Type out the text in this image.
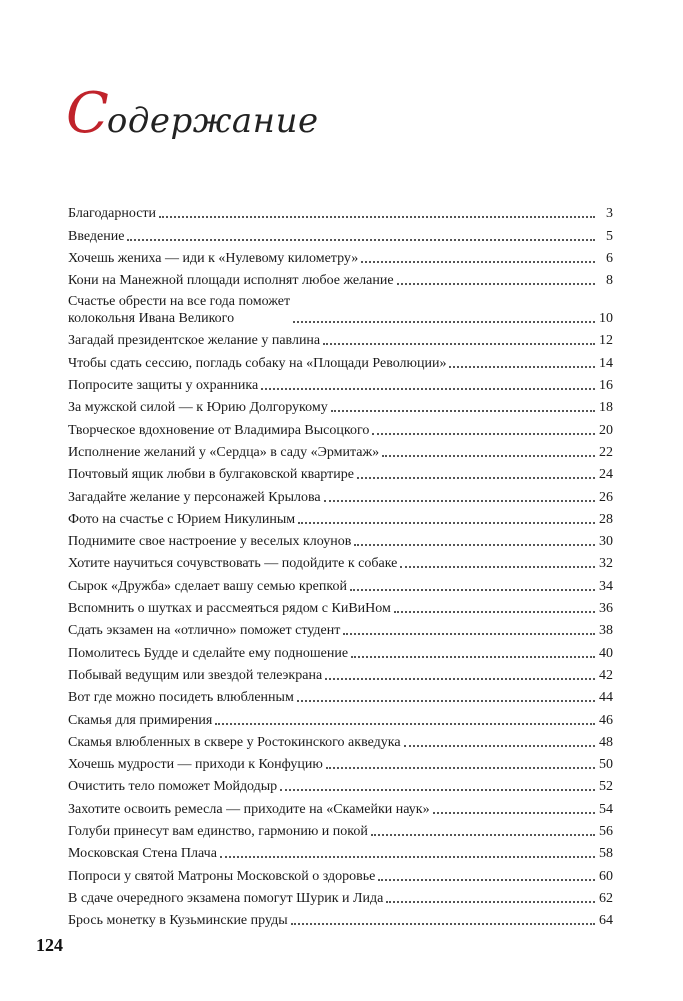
Содержание
Благодарности	3
Введение	5
Хочешь жениха — иди к «Нулевому километру»	6
Кони на Манежной площади исполнят любое желание	8
Счастье обрести на все года поможет
колокольня Ивана Великого	10
Загадай президентское желание у павлина	12
Чтобы сдать сессию, погладь собаку на «Площади Революции»	14
Попросите защиты у охранника	16
За мужской силой — к Юрию Долгорукому	18
Творческое вдохновение от Владимира Высоцкого	20
Исполнение желаний у «Сердца» в саду «Эрмитаж»	22
Почтовый ящик любви в булгаковской квартире	24
Загадайте желание у персонажей Крылова	26
Фото на счастье с Юрием Никулиным	28
Поднимите свое настроение у веселых клоунов	30
Хотите научиться сочувствовать — подойдите к собаке	32
Сырок «Дружба» сделает вашу семью крепкой	34
Вспомнить о шутках и рассмеяться рядом с КиВиНом	36
Сдать экзамен на «отлично» поможет студент	38
Помолитесь Будде и сделайте ему подношение	40
Побывай ведущим или звездой телеэкрана	42
Вот где можно посидеть влюбленным	44
Скамья для примирения	46
Скамья влюбленных в сквере у Ростокинского акведука	48
Хочешь мудрости — приходи к Конфуцию	50
Очистить тело поможет Мойдодыр	52
Захотите освоить ремесла — приходите на «Скамейки наук»	54
Голуби принесут вам единство, гармонию и покой	56
Московская Стена Плача	58
Попроси у святой Матроны Московской о здоровье	60
В сдаче очередного экзамена помогут Шурик и Лида	62
Брось монетку в Кузьминские пруды	64

124
